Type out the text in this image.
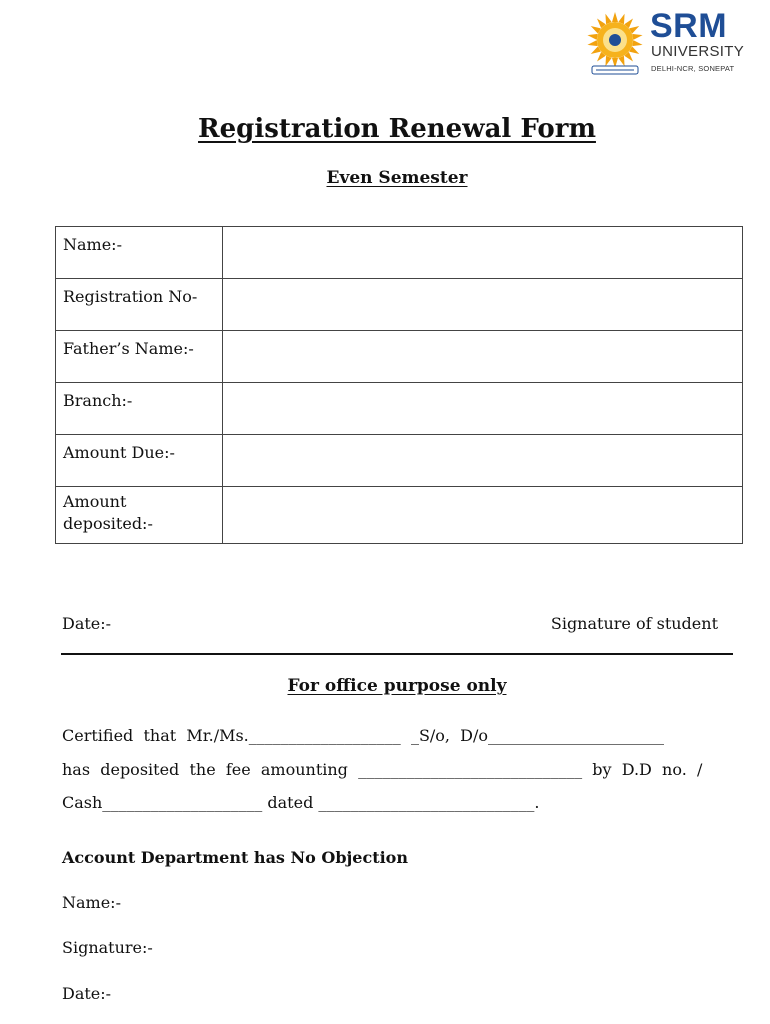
SRM
UNIVERSITY
DELHI-NCR, SONEPAT
Registration Renewal Form
Even Semester
Name:-	
Registration No-	
Father’s Name:-	
Branch:-	
Amount Due:-	
Amount
deposited:-	
Date:-	Signature of student
For office purpose only
Certified  that  Mr./Ms.___________________  _S/o,  D/o______________________
has  deposited  the  fee  amounting  ____________________________  by  D.D  no.  /
Cash____________________ dated ___________________________.
Account Department has No Objection
Name:-
Signature:-
Date:-
